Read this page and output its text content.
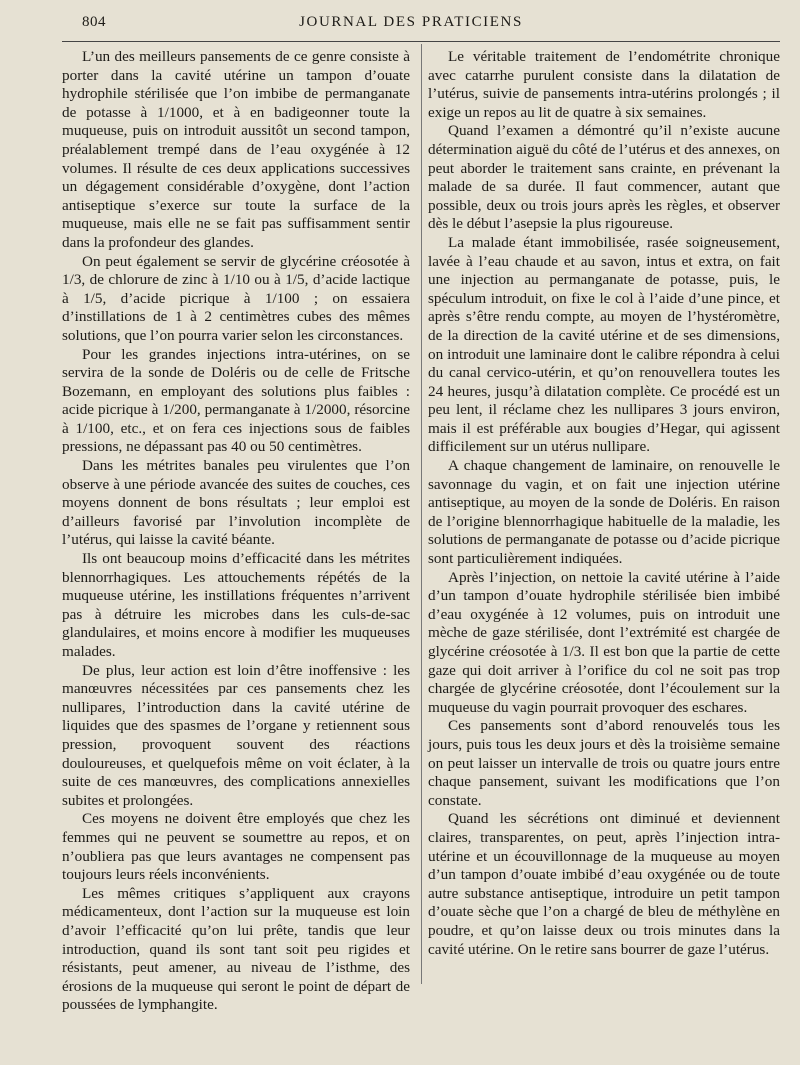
804	JOURNAL DES PRATICIENS

L’un des meilleurs pansements de ce genre consiste à porter dans la cavité utérine un tampon d’ouate hydrophile stérilisée que l’on imbibe de permanganate de potasse à 1/1000, et à en badigeonner toute la muqueuse, puis on introduit aussitôt un second tampon, préalablement trempé dans de l’eau oxygénée à 12 volumes. Il résulte de ces deux applications successives un dégagement considérable d’oxygène, dont l’action antiseptique s’exerce sur toute la surface de la muqueuse, mais elle ne se fait pas suffisamment sentir dans la profondeur des glandes.

On peut également se servir de glycérine créosotée à 1/3, de chlorure de zinc à 1/10 ou à 1/5, d’acide lactique à 1/5, d’acide picrique à 1/100 ; on essaiera d’instillations de 1 à 2 centimètres cubes des mêmes solutions, que l’on pourra varier selon les circonstances.

Pour les grandes injections intra-utérines, on se servira de la sonde de Doléris ou de celle de Fritsche Bozemann, en employant des solutions plus faibles : acide picrique à 1/200, permanganate à 1/2000, résorcine à 1/100, etc., et on fera ces injections sous de faibles pressions, ne dépassant pas 40 ou 50 centimètres.

Dans les métrites banales peu virulentes que l’on observe à une période avancée des suites de couches, ces moyens donnent de bons résultats ; leur emploi est d’ailleurs favorisé par l’involution incomplète de l’utérus, qui laisse la cavité béante.

Ils ont beaucoup moins d’efficacité dans les métrites blennorrhagiques. Les attouchements répétés de la muqueuse utérine, les instillations fréquentes n’arrivent pas à détruire les microbes dans les culs-de-sac glandulaires, et moins encore à modifier les muqueuses malades.

De plus, leur action est loin d’être inoffensive : les manœuvres nécessitées par ces pansements chez les nullipares, l’introduction dans la cavité utérine de liquides que des spasmes de l’organe y retiennent sous pression, provoquent souvent des réactions douloureuses, et quelquefois même on voit éclater, à la suite de ces manœuvres, des complications annexielles subites et prolongées.

Ces moyens ne doivent être employés que chez les femmes qui ne peuvent se soumettre au repos, et on n’oubliera pas que leurs avantages ne compensent pas toujours leurs réels inconvénients.

Les mêmes critiques s’appliquent aux crayons médicamenteux, dont l’action sur la muqueuse est loin d’avoir l’efficacité qu’on lui prête, tandis que leur introduction, quand ils sont tant soit peu rigides et résistants, peut amener, au niveau de l’isthme, des érosions de la muqueuse qui seront le point de départ de poussées de lymphangite.

Le véritable traitement de l’endométrite chronique avec catarrhe purulent consiste dans la dilatation de l’utérus, suivie de pansements intra-utérins prolongés ; il exige un repos au lit de quatre à six semaines.

Quand l’examen a démontré qu’il n’existe aucune détermination aiguë du côté de l’utérus et des annexes, on peut aborder le traitement sans crainte, en prévenant la malade de sa durée. Il faut commencer, autant que possible, deux ou trois jours après les règles, et observer dès le début l’asepsie la plus rigoureuse.

La malade étant immobilisée, rasée soigneusement, lavée à l’eau chaude et au savon, intus et extra, on fait une injection au permanganate de potasse, puis, le spéculum introduit, on fixe le col à l’aide d’une pince, et après s’être rendu compte, au moyen de l’hystéromètre, de la direction de la cavité utérine et de ses dimensions, on introduit une laminaire dont le calibre répondra à celui du canal cervico-utérin, et qu’on renouvellera toutes les 24 heures, jusqu’à dilatation complète. Ce procédé est un peu lent, il réclame chez les nullipares 3 jours environ, mais il est préférable aux bougies d’Hegar, qui agissent difficilement sur un utérus nullipare.

A chaque changement de laminaire, on renouvelle le savonnage du vagin, et on fait une injection utérine antiseptique, au moyen de la sonde de Doléris. En raison de l’origine blennorrhagique habituelle de la maladie, les solutions de permanganate de potasse ou d’acide picrique sont particulièrement indiquées.

Après l’injection, on nettoie la cavité utérine à l’aide d’un tampon d’ouate hydrophile stérilisée bien imbibé d’eau oxygénée à 12 volumes, puis on introduit une mèche de gaze stérilisée, dont l’extrémité est chargée de glycérine créosotée à 1/3. Il est bon que la partie de cette gaze qui doit arriver à l’orifice du col ne soit pas trop chargée de glycérine créosotée, dont l’écoulement sur la muqueuse du vagin pourrait provoquer des eschares.

Ces pansements sont d’abord renouvelés tous les jours, puis tous les deux jours et dès la troisième semaine on peut laisser un intervalle de trois ou quatre jours entre chaque pansement, suivant les modifications que l’on constate.

Quand les sécrétions ont diminué et deviennent claires, transparentes, on peut, après l’injection intra-utérine et un écouvillonnage de la muqueuse au moyen d’un tampon d’ouate imbibé d’eau oxygénée ou de toute autre substance antiseptique, introduire un petit tampon d’ouate sèche que l’on a chargé de bleu de méthylène en poudre, et qu’on laisse deux ou trois minutes dans la cavité utérine. On le retire sans bourrer de gaze l’utérus.
